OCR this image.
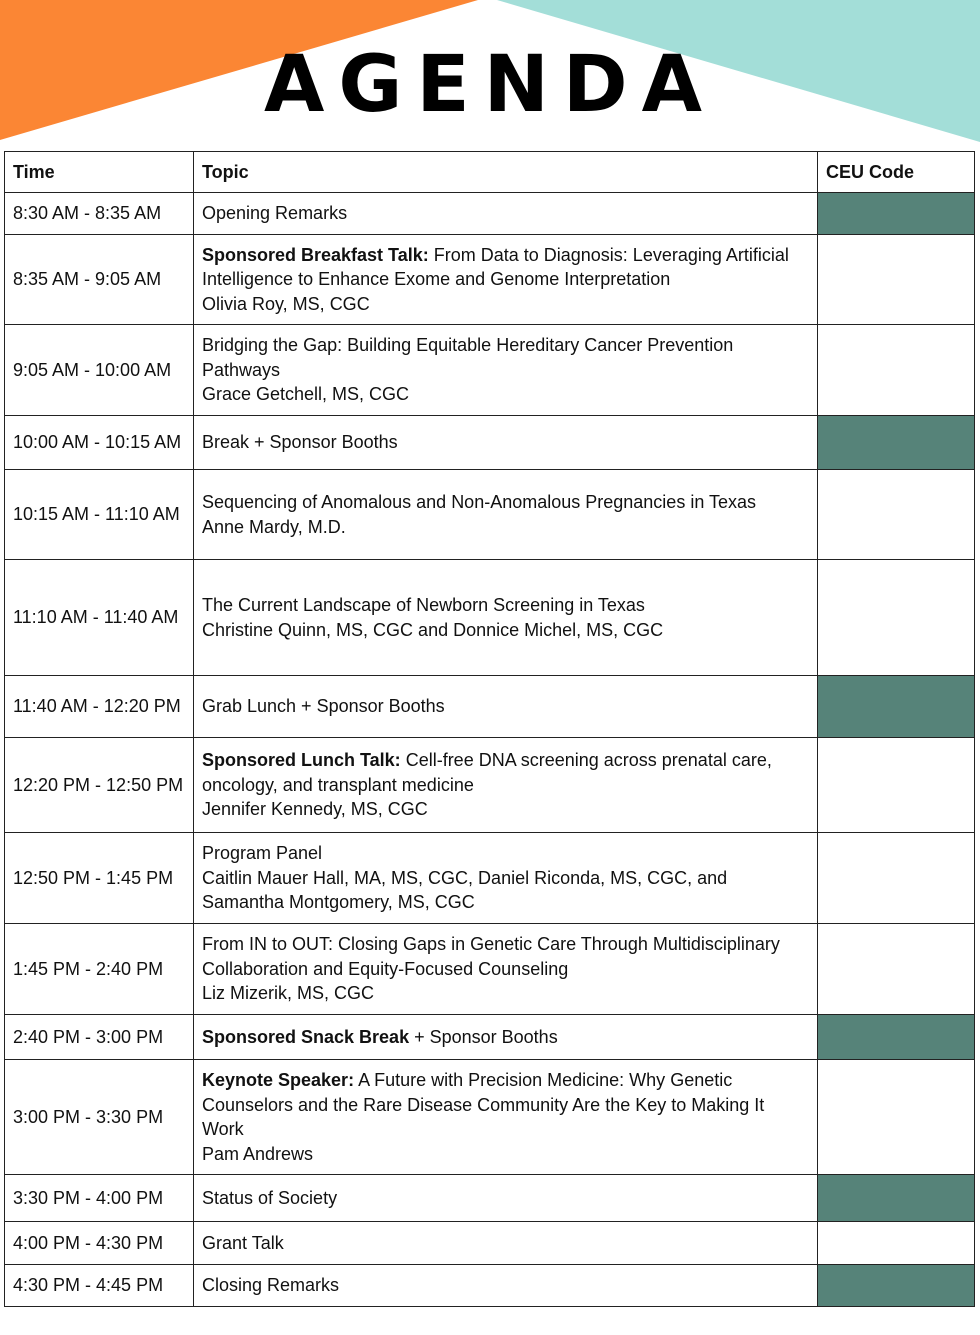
AGENDA
Time	Topic	CEU Code
8:30 AM - 8:35 AM	Opening Remarks	

8:35 AM - 9:05 AM	Sponsored Breakfast Talk: From Data to Diagnosis: Leveraging Artificial Intelligence to Enhance Exome and Genome Interpretation
Olivia Roy, MS, CGC	

9:05 AM - 10:00 AM	Bridging the Gap: Building Equitable Hereditary Cancer Prevention Pathways
Grace Getchell, MS, CGC	

10:00 AM - 10:15 AM	Break + Sponsor Booths	

10:15 AM - 11:10 AM	Sequencing of Anomalous and Non-Anomalous Pregnancies in Texas
Anne Mardy, M.D.	

11:10 AM - 11:40 AM	The Current Landscape of Newborn Screening in Texas
Christine Quinn, MS, CGC and Donnice Michel, MS, CGC	

11:40 AM - 12:20 PM	Grab Lunch + Sponsor Booths	

12:20 PM - 12:50 PM	Sponsored Lunch Talk: Cell-free DNA screening across prenatal care, oncology, and transplant medicine
Jennifer Kennedy, MS, CGC	

12:50 PM - 1:45 PM	Program Panel
Caitlin Mauer Hall, MA, MS, CGC, Daniel Riconda, MS, CGC, and Samantha Montgomery, MS, CGC	

1:45 PM - 2:40 PM	From IN to OUT: Closing Gaps in Genetic Care Through Multidisciplinary Collaboration and Equity-Focused Counseling
Liz Mizerik, MS, CGC	

2:40 PM - 3:00 PM	Sponsored Snack Break + Sponsor Booths	

3:00 PM - 3:30 PM	Keynote Speaker: A Future with Precision Medicine: Why Genetic Counselors and the Rare Disease Community Are the Key to Making It Work
Pam Andrews	

3:30 PM - 4:00 PM	Status of Society	

4:00 PM - 4:30 PM	Grant Talk	

4:30 PM - 4:45 PM	Closing Remarks	
